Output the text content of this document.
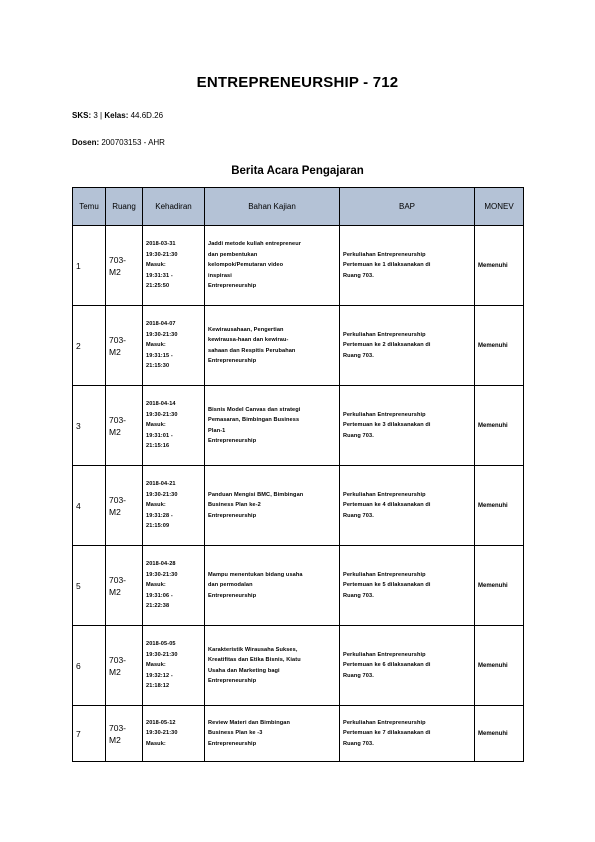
ENTREPRENEURSHIP - 712
SKS: 3 | Kelas: 44.6D.26
Dosen: 200703153 - AHR
Berita Acara Pengajaran
Temu	Ruang	Kehadiran	Bahan Kajian	BAP	MONEV
1	703-
M2	2018-03-31
19:30-21:30
Masuk:
19:31:31 -
21:25:50	Jaddi metode kuliah entrepreneur
dan pembentukan
kelompok/Pemutaran video
inspirasi
Entrepreneurship	Perkuliahan Entrepreneurship
Pertemuan ke 1 dilaksanakan di
Ruang 703.	Memenuhi
2	703-
M2	2018-04-07
19:30-21:30
Masuk:
19:31:15 -
21:15:30	Kewirausahaan, Pengertian
kewirausa-haan dan kewirau-
sahaan dan Respitis Perubahan
Entrepreneurship	Perkuliahan Entrepreneurship
Pertemuan ke 2 dilaksanakan di
Ruang 703.	Memenuhi
3	703-
M2	2018-04-14
19:30-21:30
Masuk:
19:31:01 -
21:15:16	Bisnis Model Canvas dan strategi
Pemasaran, Bimbingan Business
Plan-1
Entrepreneurship	Perkuliahan Entrepreneurship
Pertemuan ke 3 dilaksanakan di
Ruang 703.	Memenuhi
4	703-
M2	2018-04-21
19:30-21:30
Masuk:
19:31:28 -
21:15:09	Panduan Mengisi BMC, Bimbingan
Business Plan ke-2
Entrepreneurship	Perkuliahan Entrepreneurship
Pertemuan ke 4 dilaksanakan di
Ruang 703.	Memenuhi
5	703-
M2	2018-04-28
19:30-21:30
Masuk:
19:31:06 -
21:22:38	Mampu menentukan bidang usaha
dan permodalan
Entrepreneurship	Perkuliahan Entrepreneurship
Pertemuan ke 5 dilaksanakan di
Ruang 703.	Memenuhi
6	703-
M2	2018-05-05
19:30-21:30
Masuk:
19:32:12 -
21:18:12	Karakteristik Wirausaha Sukses,
Kreatifitas dan Etika Bisnis, Kiatu
Usaha dan Marketing bagi
Entrepreneurship	Perkuliahan Entrepreneurship
Pertemuan ke 6 dilaksanakan di
Ruang 703.	Memenuhi
7	703-
M2	2018-05-12
19:30-21:30
Masuk:	Review Materi dan Bimbingan
Business Plan ke -3
Entrepreneurship	Perkuliahan Entrepreneurship
Pertemuan ke 7 dilaksanakan di
Ruang 703.	Memenuhi
